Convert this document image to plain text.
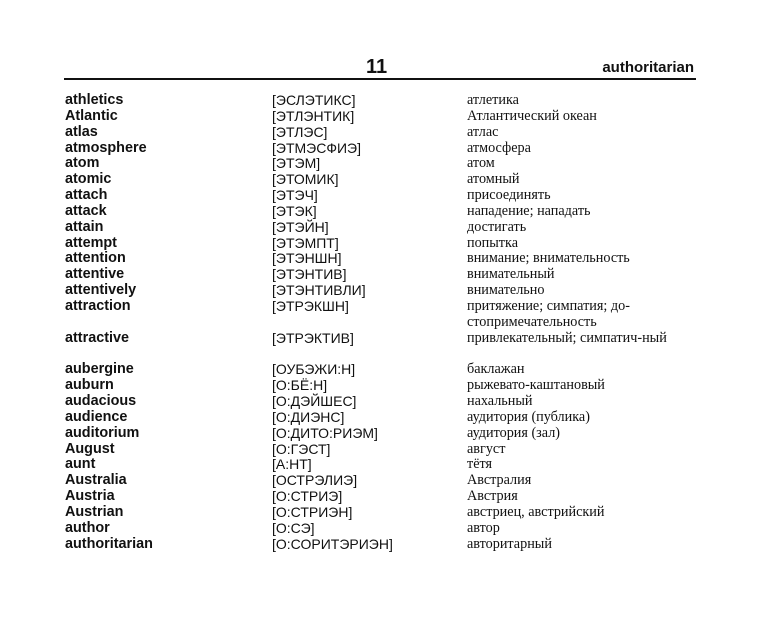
11	authoritarian
athletics	[ЭСЛЭТИКС]	атлетика
Atlantic	[ЭТЛЭНТИК]	Атлантический океан
atlas	[ЭТЛЭС]	атлас
atmosphere	[ЭТМЭСФИЭ]	атмосфера
atom	[ЭТЭМ]	атом
atomic	[ЭТОМИК]	атомный
attach	[ЭТЭЧ]	присоединять
attack	[ЭТЭК]	нападение; нападать
attain	[ЭТЭЙН]	достигать
attempt	[ЭТЭМПТ]	попытка
attention	[ЭТЭНШН]	внимание; внимательность
attentive	[ЭТЭНТИВ]	внимательный
attentively	[ЭТЭНТИВЛИ]	внимательно
attraction	[ЭТРЭКШН]	притяжение; симпатия; до-стопримечательность
attractive	[ЭТРЭКТИВ]	привлекательный; симпатич-ный
aubergine	[ОУБЭЖИ:Н]	баклажан
auburn	[О:БЁ:Н]	рыжевато-каштановый
audacious	[О:ДЭЙШЕС]	нахальный
audience	[О:ДИЭНС]	аудитория (публика)
auditorium	[О:ДИТО:РИЭМ]	аудитория (зал)
August	[О:ГЭСТ]	август
aunt	[А:НТ]	тётя
Australia	[ОСТРЭЛИЭ]	Австралия
Austria	[О:СТРИЭ]	Австрия
Austrian	[О:СТРИЭН]	австриец, австрийский
author	[О:СЭ]	автор
authoritarian	[О:СОРИТЭРИЭН]	авторитарный
